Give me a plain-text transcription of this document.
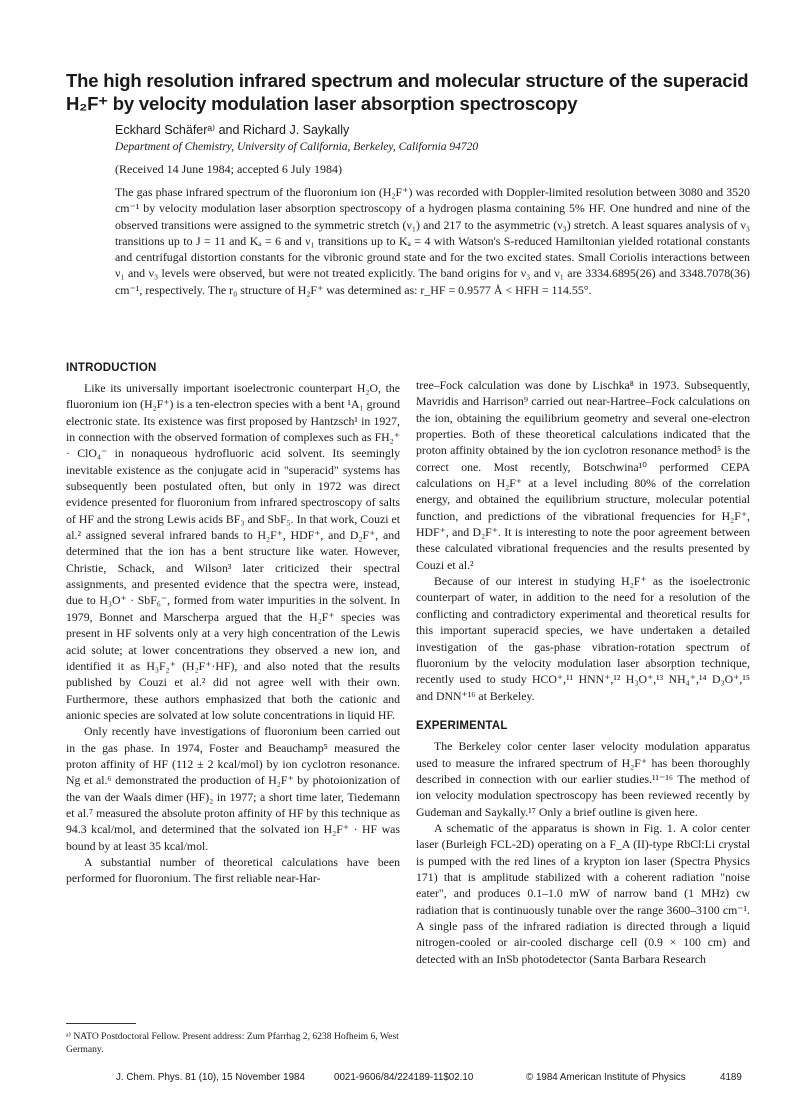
The high resolution infrared spectrum and molecular structure of the superacid H₂F⁺ by velocity modulation laser absorption spectroscopy
Eckhard Schäferᵃ⁾ and Richard J. Saykally
Department of Chemistry, University of California, Berkeley, California 94720
(Received 14 June 1984; accepted 6 July 1984)
The gas phase infrared spectrum of the fluoronium ion (H₂F⁺) was recorded with Doppler-limited resolution between 3080 and 3520 cm⁻¹ by velocity modulation laser absorption spectroscopy of a hydrogen plasma containing 5% HF. One hundred and nine of the observed transitions were assigned to the symmetric stretch (ν₁) and 217 to the asymmetric (ν₃) stretch. A least squares analysis of ν₃ transitions up to J = 11 and Kₐ = 6 and ν₁ transitions up to Kₐ = 4 with Watson's S-reduced Hamiltonian yielded rotational constants and centrifugal distortion constants for the vibronic ground state and for the two excited states. Small Coriolis interactions between ν₁ and ν₃ levels were observed, but were not treated explicitly. The band origins for ν₃ and ν₁ are 3334.6895(26) and 3348.7078(36) cm⁻¹, respectively. The r₀ structure of H₂F⁺ was determined as: r_HF = 0.9577 Å < HFH = 114.55°.
INTRODUCTION

Like its universally important isoelectronic counterpart H₂O, the fluoronium ion (H₂F⁺) is a ten-electron species with a bent ¹A₁ ground electronic state. Its existence was first proposed by Hantzsch¹ in 1927, in connection with the observed formation of complexes such as FH₂⁺ · ClO₄⁻ in nonaqueous hydrofluoric acid solvent. Its seemingly inevitable existence as the conjugate acid in "superacid" systems has subsequently been postulated often, but only in 1972 was direct evidence presented for fluoronium from infrared spectroscopy of salts of HF and the strong Lewis acids BF₃ and SbF₅. In that work, Couzi et al.² assigned several infrared bands to H₂F⁺, HDF⁺, and D₂F⁺, and determined that the ion has a bent structure like water. However, Christie, Schack, and Wilson³ later criticized their spectral assignments, and presented evidence that the spectra were, instead, due to H₃O⁺ · SbF₆⁻, formed from water impurities in the solvent. In 1979, Bonnet and Marscherpa argued that the H₂F⁺ species was present in HF solvents only at a very high concentration of the Lewis acid solute; at lower concentrations they observed a new ion, and identified it as H₃F₂⁺ (H₂F⁺·HF), and also noted that the results published by Couzi et al.² did not agree well with their own. Furthermore, these authors emphasized that both the cationic and anionic species are solvated at low solute concentrations in liquid HF.

Only recently have investigations of fluoronium been carried out in the gas phase. In 1974, Foster and Beauchamp⁵ measured the proton affinity of HF (112 ± 2 kcal/mol) by ion cyclotron resonance. Ng et al.⁶ demonstrated the production of H₂F⁺ by photoionization of the van der Waals dimer (HF)₂ in 1977; a short time later, Tiedemann et al.⁷ measured the absolute proton affinity of HF by this technique as 94.3 kcal/mol, and determined that the solvated ion H₂F⁺ · HF was bound by at least 35 kcal/mol.

A substantial number of theoretical calculations have been performed for fluoronium. The first reliable near-Har-

tree–Fock calculation was done by Lischka⁸ in 1973. Subsequently, Mavridis and Harrison⁹ carried out near-Hartree–Fock calculations on the ion, obtaining the equilibrium geometry and several one-electron properties. Both of these theoretical calculations indicated that the proton affinity obtained by the ion cyclotron resonance method⁵ is the correct one. Most recently, Botschwina¹⁰ performed CEPA calculations on H₂F⁺ at a level including 80% of the correlation energy, and obtained the equilibrium structure, molecular potential function, and predictions of the vibrational frequencies for H₂F⁺, HDF⁺, and D₂F⁺. It is interesting to note the poor agreement between these calculated vibrational frequencies and the results presented by Couzi et al.²

Because of our interest in studying H₂F⁺ as the isoelectronic counterpart of water, in addition to the need for a resolution of the conflicting and contradictory experimental and theoretical results for this important superacid species, we have undertaken a detailed investigation of the gas-phase vibration-rotation spectrum of fluoronium by the velocity modulation laser absorption technique, recently used to study HCO⁺,¹¹ HNN⁺,¹² H₃O⁺,¹³ NH₄⁺,¹⁴ D₃O⁺,¹⁵ and DNN⁺¹⁶ at Berkeley.

EXPERIMENTAL

The Berkeley color center laser velocity modulation apparatus used to measure the infrared spectrum of H₂F⁺ has been thoroughly described in connection with our earlier studies.¹¹⁻¹⁶ The method of ion velocity modulation spectroscopy has been reviewed recently by Gudeman and Saykally.¹⁷ Only a brief outline is given here.

A schematic of the apparatus is shown in Fig. 1. A color center laser (Burleigh FCL-2D) operating on a F_A (II)-type RbCl:Li crystal is pumped with the red lines of a krypton ion laser (Spectra Physics 171) that is amplitude stabilized with a coherent radiation "noise eater", and produces 0.1–1.0 mW of narrow band (1 MHz) cw radiation that is continuously tunable over the range 3600–3100 cm⁻¹. A single pass of the infrared radiation is directed through a liquid nitrogen-cooled or air-cooled discharge cell (0.9 × 100 cm) and detected with an InSb photodetector (Santa Barbara Research

ᵃ⁾ NATO Postdoctoral Fellow. Present address: Zum Pfarrhag 2, 6238 Hofheim 6, West Germany.
J. Chem. Phys. 81 (10), 15 November 1984	0021-9606/84/224189-11$02.10	© 1984 American Institute of Physics	4189
